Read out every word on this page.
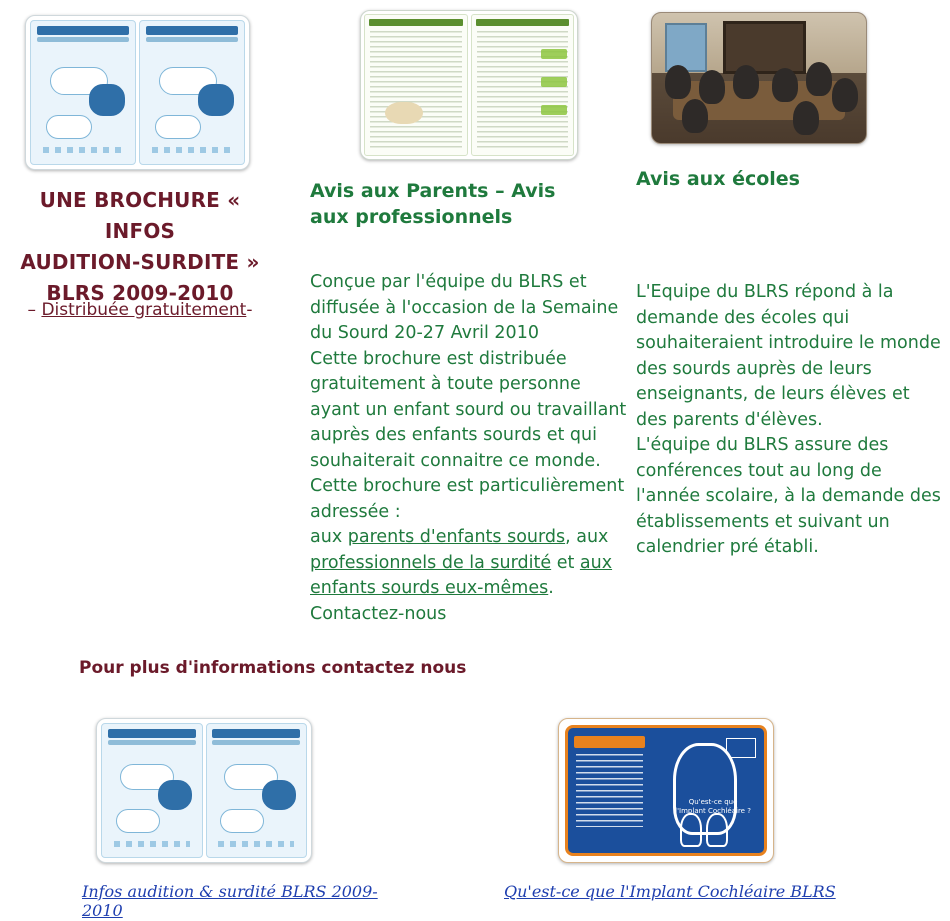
UNE BROCHURE « INFOS
AUDITION-SURDITE »
BLRS 2009-2010
– Distribuée gratuitement-
Avis aux Parents – Avis aux professionnels
Conçue par l'équipe du BLRS et diffusée à l'occasion de la Semaine du Sourd 20-27 Avril 2010
Cette brochure est distribuée gratuitement à toute personne ayant un enfant sourd ou travaillant auprès des enfants sourds et qui souhaiterait connaitre ce monde.
Cette brochure est particulièrement adressée :
aux parents d'enfants sourds, aux professionnels de la surdité et aux enfants sourds eux-mêmes.
Contactez-nous
Avis aux écoles
L'Equipe du BLRS répond à la demande des écoles qui souhaiteraient introduire le monde des sourds auprès de leurs enseignants, de leurs élèves et des parents d'élèves.
L'équipe du BLRS assure des conférences tout au long de l'année scolaire, à la demande des établissements et suivant un calendrier pré établi.
Pour plus d'informations contactez nous
Infos audition & surdité BLRS 2009-2010
Qu'est-ce que l'Implant Cochléaire ?
Qu'est-ce que l'Implant Cochléaire BLRS
